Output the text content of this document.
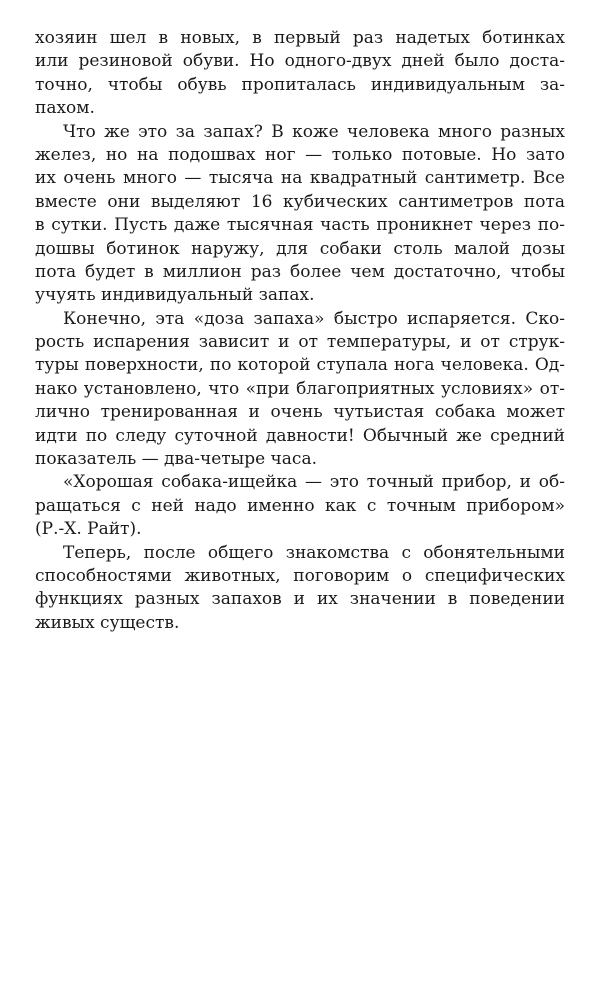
хозяин шел в новых, в первый раз надетых ботинках
или резиновой обуви. Но одного-двух дней было доста-
точно, чтобы обувь пропиталась индивидуальным за-
пахом.
Что же это за запах? В коже человека много разных
желез, но на подошвах ног — только потовые. Но зато
их очень много — тысяча на квадратный сантиметр. Все
вместе они выделяют 16 кубических сантиметров пота
в сутки. Пусть даже тысячная часть проникнет через по-
дошвы ботинок наружу, для собаки столь малой дозы
пота будет в миллион раз более чем достаточно, чтобы
учуять индивидуальный запах.
Конечно, эта «доза запаха» быстро испаряется. Ско-
рость испарения зависит и от температуры, и от струк-
туры поверхности, по которой ступала нога человека. Од-
нако установлено, что «при благоприятных условиях» от-
лично тренированная и очень чутьистая собака может
идти по следу суточной давности! Обычный же средний
показатель — два-четыре часа.
«Хорошая собака-ищейка — это точный прибор, и об-
ращаться с ней надо именно как с точным прибором»
(Р.-Х. Райт).
Теперь, после общего знакомства с обонятельными
способностями животных, поговорим о специфических
функциях разных запахов и их значении в поведении
живых существ.
